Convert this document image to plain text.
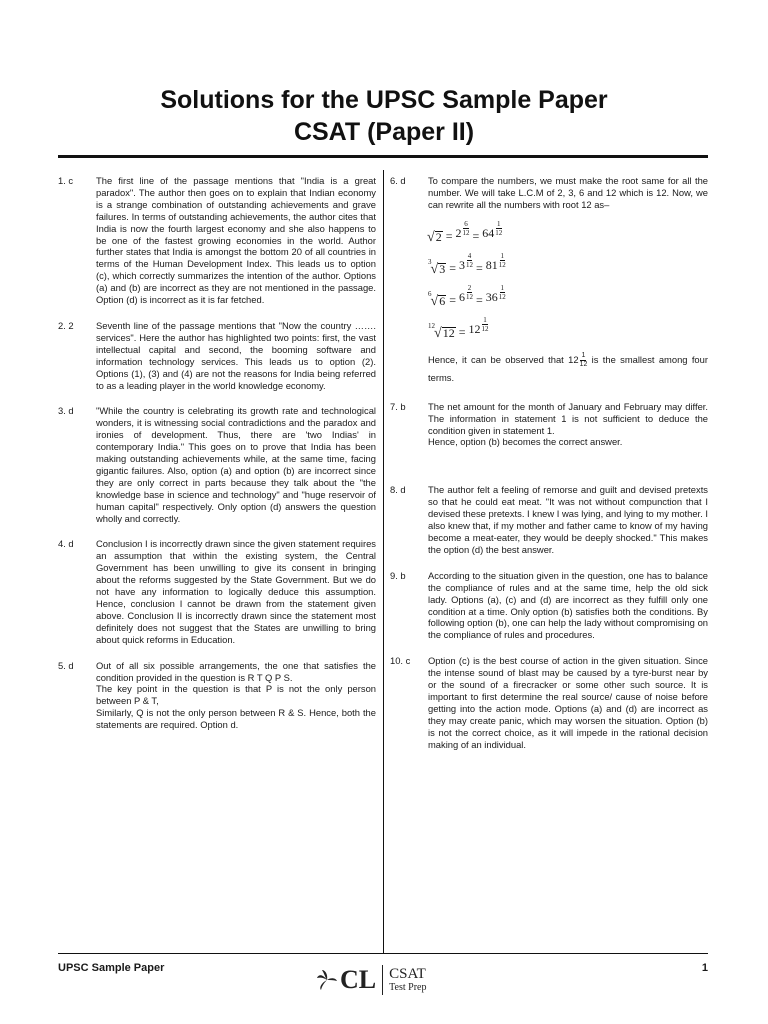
Solutions for the UPSC Sample Paper
CSAT (Paper II)
1. c The first line of the passage mentions that "India is a great paradox". The author then goes on to explain that Indian economy is a strange combination of outstanding achievements and grave failures. In terms of outstanding achievements, the author cites that India is now the fourth largest economy and she also happens to be one of the fastest growing economies in the world. Author further states that India is amongst the bottom 20 of all countries in terms of the Human Development Index. This leads us to option (c), which correctly summarizes the intention of the author. Options (a) and (b) are incorrect as they are not mentioned in the passage. Option (d) is incorrect as it is far fetched.

2. 2 Seventh line of the passage mentions that "Now the country ……. services". Here the author has highlighted two points: first, the vast intellectual capital and second, the booming software and information technology services. This leads us to option (2). Options (1), (3) and (4) are not the reasons for India being referred to as a leading player in the world knowledge economy.

3. d "While the country is celebrating its growth rate and technological wonders, it is witnessing social contradictions and the paradox and ironies of development. Thus, there are 'two Indias' in contemporary India." This goes on to prove that India has been making outstanding achievements while, at the same time, facing gigantic failures. Also, option (a) and option (b) are incorrect since they are only correct in parts because they talk about the "the knowledge base in science and technology" and "huge reservoir of human capital" respectively. Only option (d) answers the question wholly and correctly.

4. d Conclusion I is incorrectly drawn since the given statement requires an assumption that within the existing system, the Central Government has been unwilling to give its consent in bringing about the reforms suggested by the State Government. But we do not have any information to logically deduce this assumption. Hence, conclusion I cannot be drawn from the statement given above. Conclusion II is incorrectly drawn since the statement most definitely does not suggest that the States are unwilling to bring about quick reforms in Education.

5. d Out of all six possible arrangements, the one that satisfies the condition provided in the question is R T Q P S.

The key point in the question is that P is not the only person between P & T,

Similarly, Q is not the only person between R & S. Hence, both the statements are required. Option d.

6. d To compare the numbers, we must make the root same for all the number. We will take L.C.M of 2, 3, 6 and 12 which is 12. Now, we can rewrite all the numbers with root 12 as–

√ $2 = 2 \frac{6}{12} = 64 \frac{1}{12}$
3 √ $3 = 3 \frac{4}{12} = 81 \frac{1}{12}$
6 √ $6 = 6 \frac{2}{12} = 36 \frac{1}{12}$
12 √ $12 = 12 \frac{1}{12}$

Hence, it can be observed that $12 \frac{1}{12}$ is the smallest among four terms.

7. b The net amount for the month of January and February may differ. The information in statement 1 is not sufficient to deduce the condition given in statement 1.

Hence, option (b) becomes the correct answer.

8. d The author felt a feeling of remorse and guilt and devised pretexts so that he could eat meat. "It was not without compunction that I devised these pretexts. I knew I was lying, and lying to my mother. I also knew that, if my mother and father came to know of my having become a meat-eater, they would be deeply shocked." This makes the option (d) the best answer.

9. b According to the situation given in the question, one has to balance the compliance of rules and at the same time, help the old sick lady. Options (a), (c) and (d) are incorrect as they fulfill only one condition at a time. Only option (b) satisfies both the conditions. By following option (b), one can help the lady without compromising on the compliance of rules and procedures.

10. c Option (c) is the best course of action in the given situation. Since the intense sound of blast may be caused by a tyre-burst near by or the sound of a firecracker or some other such source. It is important to first determine the real source/ cause of noise before getting into the action mode. Options (a) and (d) are incorrect as they may create panic, which may worsen the situation. Option (b) is not the correct choice, as it will impede in the rational decision making of an individual.

UPSC Sample Paper	CL CSAT
Test Prep
1
